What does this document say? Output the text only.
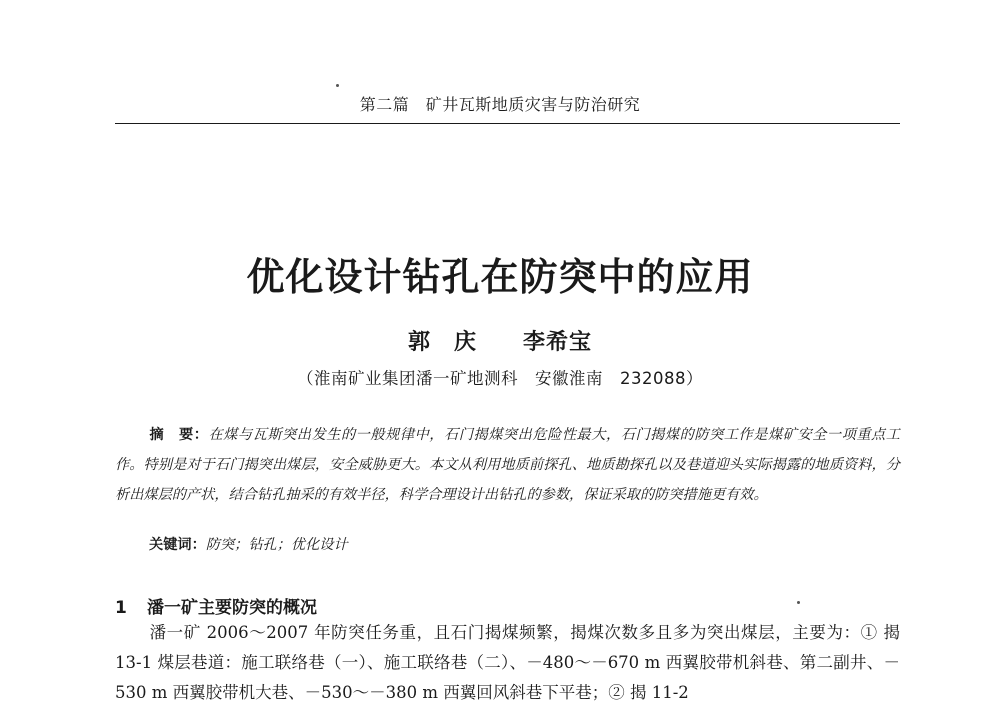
第二篇　矿井瓦斯地质灾害与防治研究
优化设计钻孔在防突中的应用
郭　庆　　李希宝
（淮南矿业集团潘一矿地测科　安徽淮南　232088）
摘　要：在煤与瓦斯突出发生的一般规律中，石门揭煤突出危险性最大，石门揭煤的防突工作是煤矿安全一项重点工作。特别是对于石门揭突出煤层，安全威胁更大。本文从利用地质前探孔、地质勘探孔以及巷道迎头实际揭露的地质资料，分析出煤层的产状，结合钻孔抽采的有效半径，科学合理设计出钻孔的参数，保证采取的防突措施更有效。
关键词：防突；钻孔；优化设计
1 潘一矿主要防突的概况
潘一矿 2006～2007 年防突任务重，且石门揭煤频繁，揭煤次数多且多为突出煤层，主要为：① 揭 13-1 煤层巷道：施工联络巷（一）、施工联络巷（二）、－480～－670 m 西翼胶带机斜巷、第二副井、－530 m 西翼胶带机大巷、－530～－380 m 西翼回风斜巷下平巷；② 揭 11-2
